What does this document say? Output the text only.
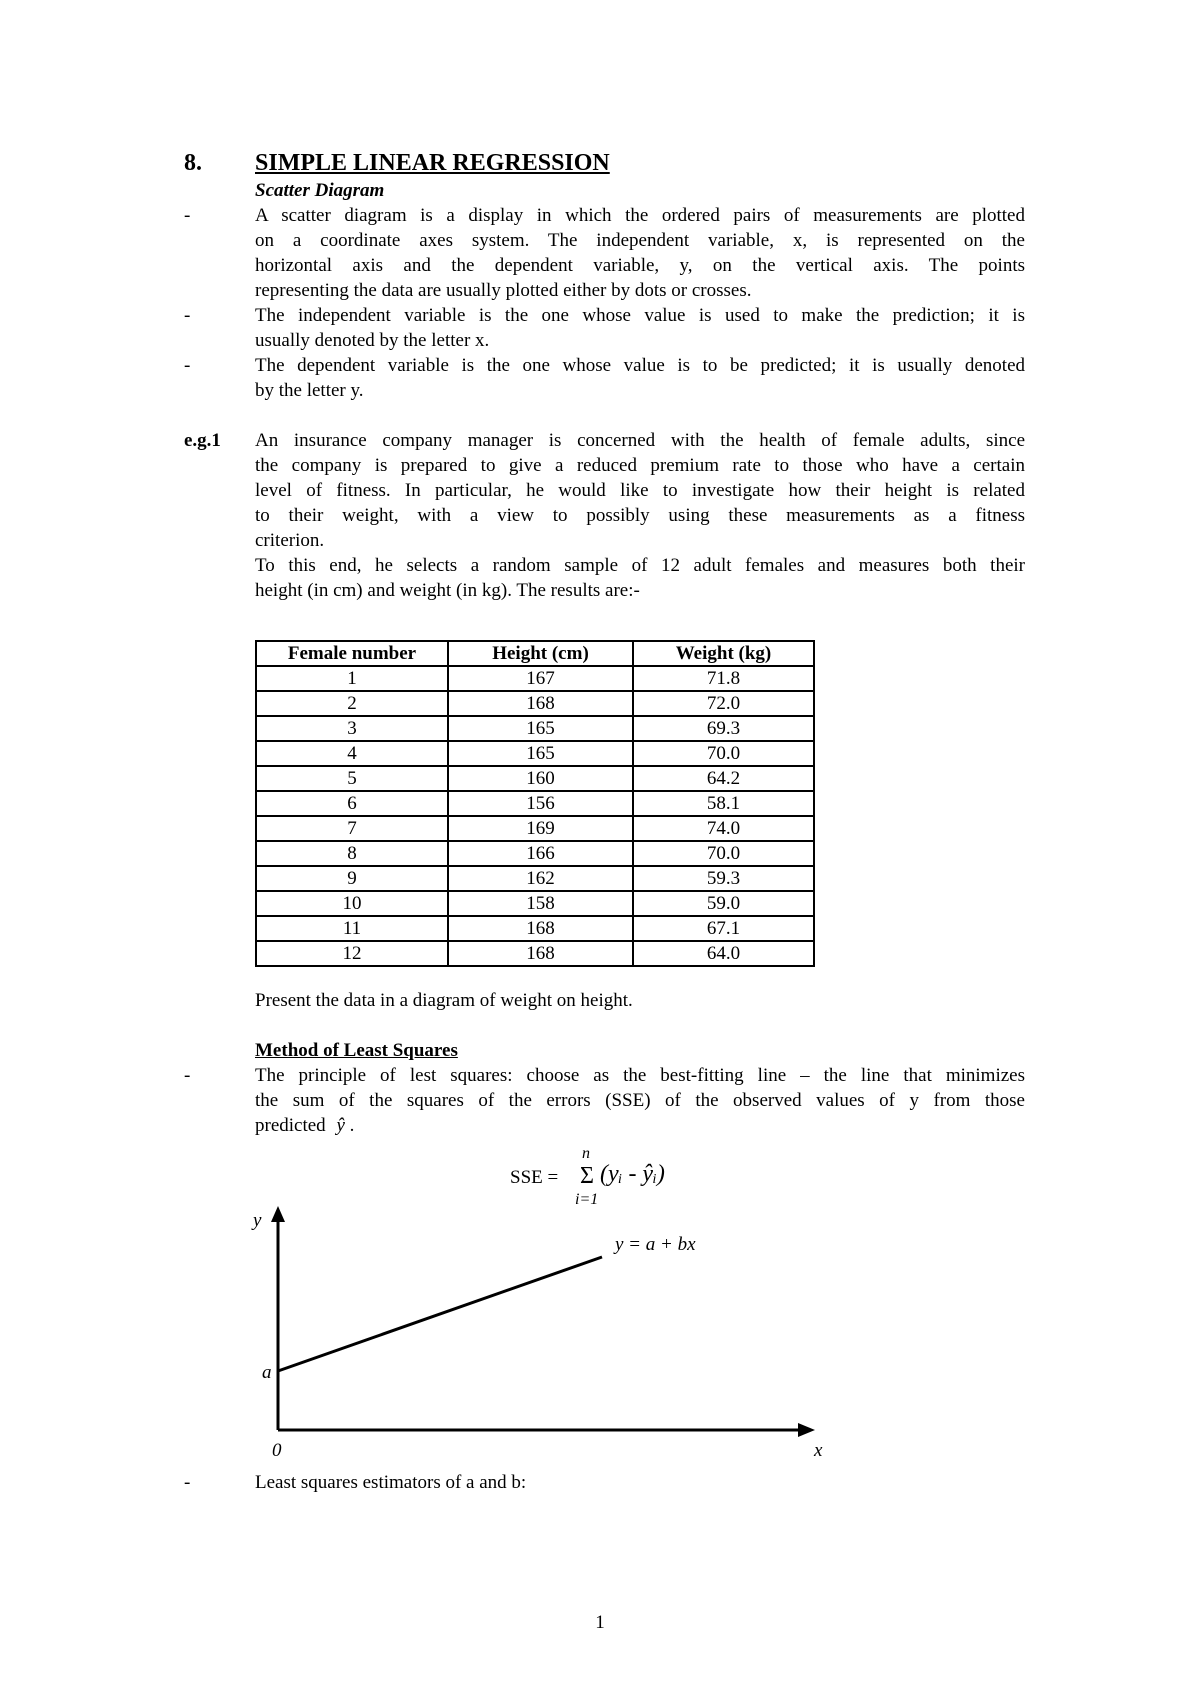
8. SIMPLE LINEAR REGRESSION
Scatter Diagram
-	A scatter diagram is a display in which the ordered pairs of measurements are plotted
on a coordinate axes system. The independent variable, x, is represented on the
horizontal axis and the dependent variable, y, on the vertical axis. The points
representing the data are usually plotted either by dots or crosses.
-	The independent variable is the one whose value is used to make the prediction; it is
usually denoted by the letter x.
-	The dependent variable is the one whose value is to be predicted; it is usually denoted
by the letter y.
e.g.1 An insurance company manager is concerned with the health of female adults, since
the company is prepared to give a reduced premium rate to those who have a certain
level of fitness. In particular, he would like to investigate how their height is related
to their weight, with a view to possibly using these measurements as a fitness
criterion.
To this end, he selects a random sample of 12 adult females and measures both their
height (in cm) and weight (in kg). The results are:-
Female number	Height (cm)	Weight (kg)
1	167	71.8
2	168	72.0
3	165	69.3
4	165	70.0
5	160	64.2
6	156	58.1
7	169	74.0
8	166	70.0
9	162	59.3
10	158	59.0
11	168	67.1
12	168	64.0
Present the data in a diagram of weight on height.
Method of Least Squares
-	The principle of lest squares: choose as the best-fitting line – the line that minimizes
the sum of the squares of the errors (SSE) of the observed values of y from those
predicted ŷ .
SSE =
n
Σ
i=1
(yᵢ - ŷᵢ)
y
a
0	x
y = a + bx
-	Least squares estimators of a and b:
1
